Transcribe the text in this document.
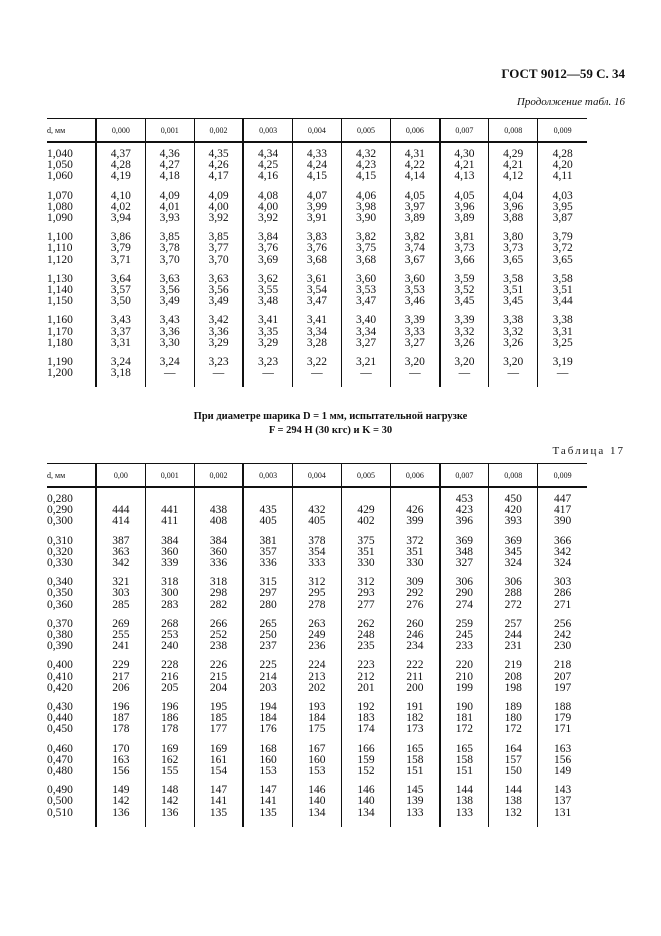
ГОСТ 9012—59 С. 34
Продолжение табл. 16
d, мм	0,000	0,001	0,002	0,003	0,004	0,005	0,006	0,007	0,008	0,009
1,040	4,37	4,36	4,35	4,34	4,33	4,32	4,31	4,30	4,29	4,28
1,050	4,28	4,27	4,26	4,25	4,24	4,23	4,22	4,21	4,21	4,20
1,060	4,19	4,18	4,17	4,16	4,15	4,15	4,14	4,13	4,12	4,11

1,070	4,10	4,09	4,09	4,08	4,07	4,06	4,05	4,05	4,04	4,03
1,080	4,02	4,01	4,00	4,00	3,99	3,98	3,97	3,96	3,96	3,95
1,090	3,94	3,93	3,92	3,92	3,91	3,90	3,89	3,89	3,88	3,87

1,100	3,86	3,85	3,85	3,84	3,83	3,82	3,82	3,81	3,80	3,79
1,110	3,79	3,78	3,77	3,76	3,76	3,75	3,74	3,73	3,73	3,72
1,120	3,71	3,70	3,70	3,69	3,68	3,68	3,67	3,66	3,65	3,65

1,130	3,64	3,63	3,63	3,62	3,61	3,60	3,60	3,59	3,58	3,58
1,140	3,57	3,56	3,56	3,55	3,54	3,53	3,53	3,52	3,51	3,51
1,150	3,50	3,49	3,49	3,48	3,47	3,47	3,46	3,45	3,45	3,44

1,160	3,43	3,43	3,42	3,41	3,41	3,40	3,39	3,39	3,38	3,38
1,170	3,37	3,36	3,36	3,35	3,34	3,34	3,33	3,32	3,32	3,31
1,180	3,31	3,30	3,29	3,29	3,28	3,27	3,27	3,26	3,26	3,25

1,190	3,24	3,24	3,23	3,23	3,22	3,21	3,20	3,20	3,20	3,19
1,200	3,18	—	—	—	—	—	—	—	—	—
При диаметре шарика D = 1 мм, испытательной нагрузке
F = 294 Н (30 кгс) и K = 30
Таблица 17
d, мм	0,00	0,001	0,002	0,003	0,004	0,005	0,006	0,007	0,008	0,009
0,280								453	450	447
0,290	444	441	438	435	432	429	426	423	420	417
0,300	414	411	408	405	405	402	399	396	393	390

0,310	387	384	384	381	378	375	372	369	369	366
0,320	363	360	360	357	354	351	351	348	345	342
0,330	342	339	336	336	333	330	330	327	324	324

0,340	321	318	318	315	312	312	309	306	306	303
0,350	303	300	298	297	295	293	292	290	288	286
0,360	285	283	282	280	278	277	276	274	272	271

0,370	269	268	266	265	263	262	260	259	257	256
0,380	255	253	252	250	249	248	246	245	244	242
0,390	241	240	238	237	236	235	234	233	231	230

0,400	229	228	226	225	224	223	222	220	219	218
0,410	217	216	215	214	213	212	211	210	208	207
0,420	206	205	204	203	202	201	200	199	198	197

0,430	196	196	195	194	193	192	191	190	189	188
0,440	187	186	185	184	184	183	182	181	180	179
0,450	178	178	177	176	175	174	173	172	172	171

0,460	170	169	169	168	167	166	165	165	164	163
0,470	163	162	161	160	160	159	158	158	157	156
0,480	156	155	154	153	153	152	151	151	150	149

0,490	149	148	147	147	146	146	145	144	144	143
0,500	142	142	141	141	140	140	139	138	138	137
0,510	136	136	135	135	134	134	133	133	132	131
